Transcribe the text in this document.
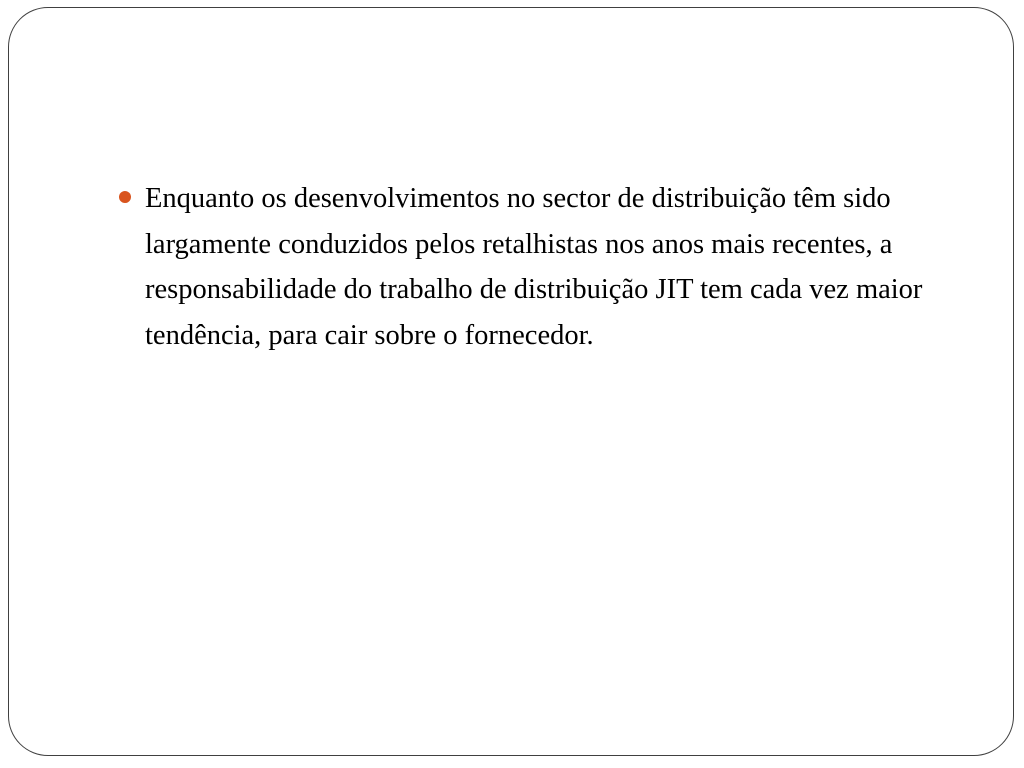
Enquanto os desenvolvimentos no sector de distribuição têm sido largamente conduzidos pelos retalhistas nos anos mais recentes, a responsabilidade do trabalho de distribuição JIT tem cada vez maior tendência, para cair sobre o fornecedor.
